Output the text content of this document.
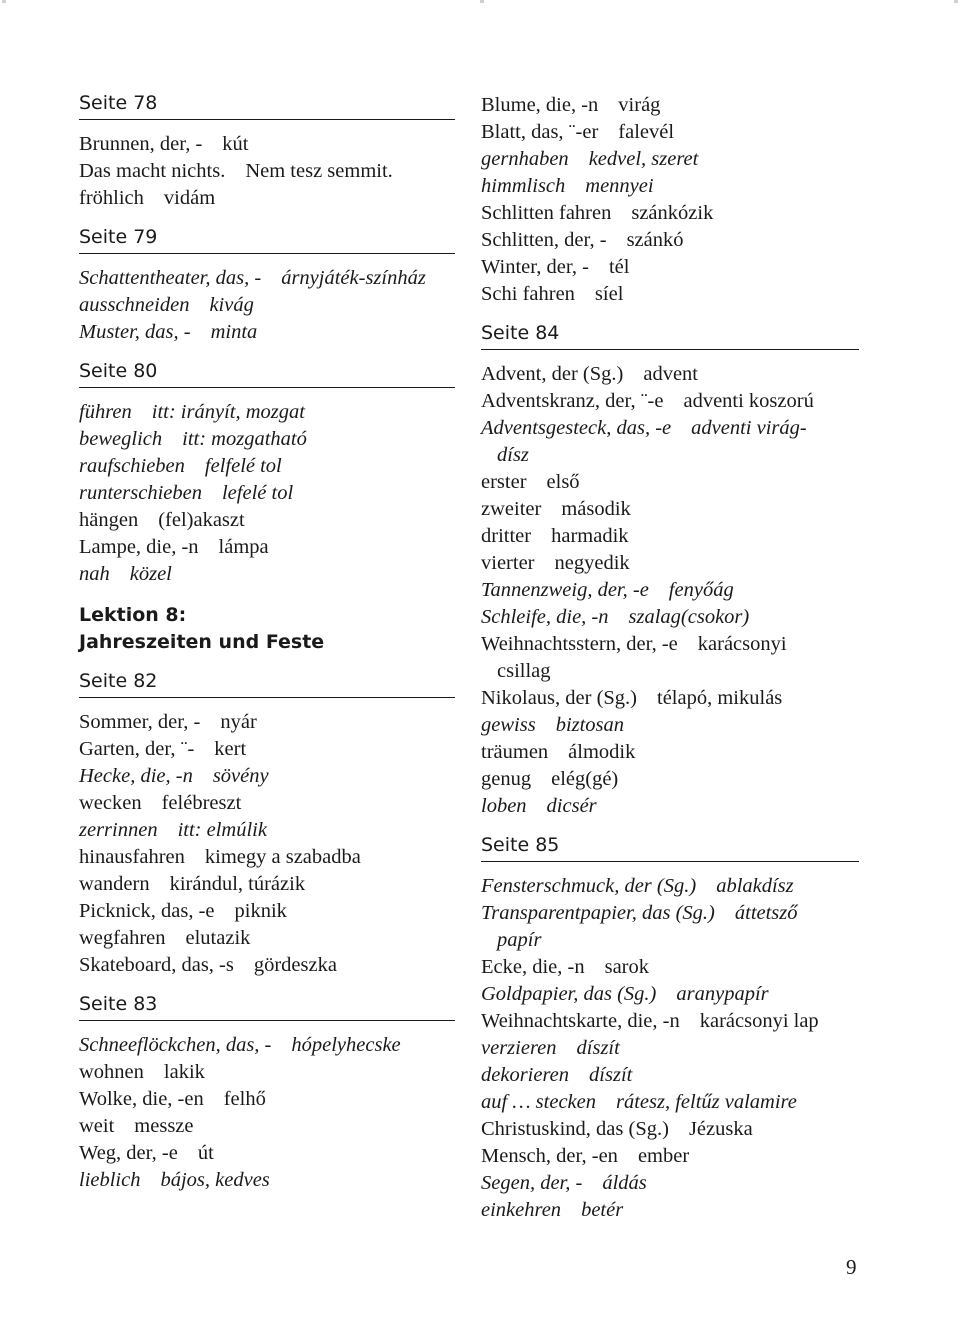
Seite 78
Brunnen, der, - kút
Das macht nichts. Nem tesz semmit.
fröhlich vidám
Seite 79
Schattentheater, das, - árnyjáték-színház
ausschneiden kivág
Muster, das, - minta
Seite 80
führen itt: irányít, mozgat
beweglich itt: mozgatható
raufschieben felfelé tol
runterschieben lefelé tol
hängen (fel)akaszt
Lampe, die, -n lámpa
nah közel
Lektion 8:
Jahreszeiten und Feste
Seite 82
Sommer, der, - nyár
Garten, der, ¨- kert
Hecke, die, -n sövény
wecken felébreszt
zerrinnen itt: elmúlik
hinausfahren kimegy a szabadba
wandern kirándul, túrázik
Picknick, das, -e piknik
wegfahren elutazik
Skateboard, das, -s gördeszka
Seite 83
Schneeflöckchen, das, - hópelyhecske
wohnen lakik
Wolke, die, -en felhő
weit messze
Weg, der, -e út
lieblich bájos, kedves
Blume, die, -n virág
Blatt, das, ¨-er falevél
gernhaben kedvel, szeret
himmlisch mennyei
Schlitten fahren szánkózik
Schlitten, der, - szánkó
Winter, der, - tél
Schi fahren síel
Seite 84
Advent, der (Sg.) advent
Adventskranz, der, ¨-e adventi koszorú
Adventsgesteck, das, -e adventi virág-
dísz
erster első
zweiter második
dritter harmadik
vierter negyedik
Tannenzweig, der, -e fenyőág
Schleife, die, -n szalag(csokor)
Weihnachtsstern, der, -e karácsonyi
csillag
Nikolaus, der (Sg.) télapó, mikulás
gewiss biztosan
träumen álmodik
genug elég(gé)
loben dicsér
Seite 85
Fensterschmuck, der (Sg.) ablakdísz
Transparentpapier, das (Sg.) áttetsző
papír
Ecke, die, -n sarok
Goldpapier, das (Sg.) aranypapír
Weihnachtskarte, die, -n karácsonyi lap
verzieren díszít
dekorieren díszít
auf … stecken rátesz, feltűz valamire
Christuskind, das (Sg.) Jézuska
Mensch, der, -en ember
Segen, der, - áldás
einkehren betér
9
